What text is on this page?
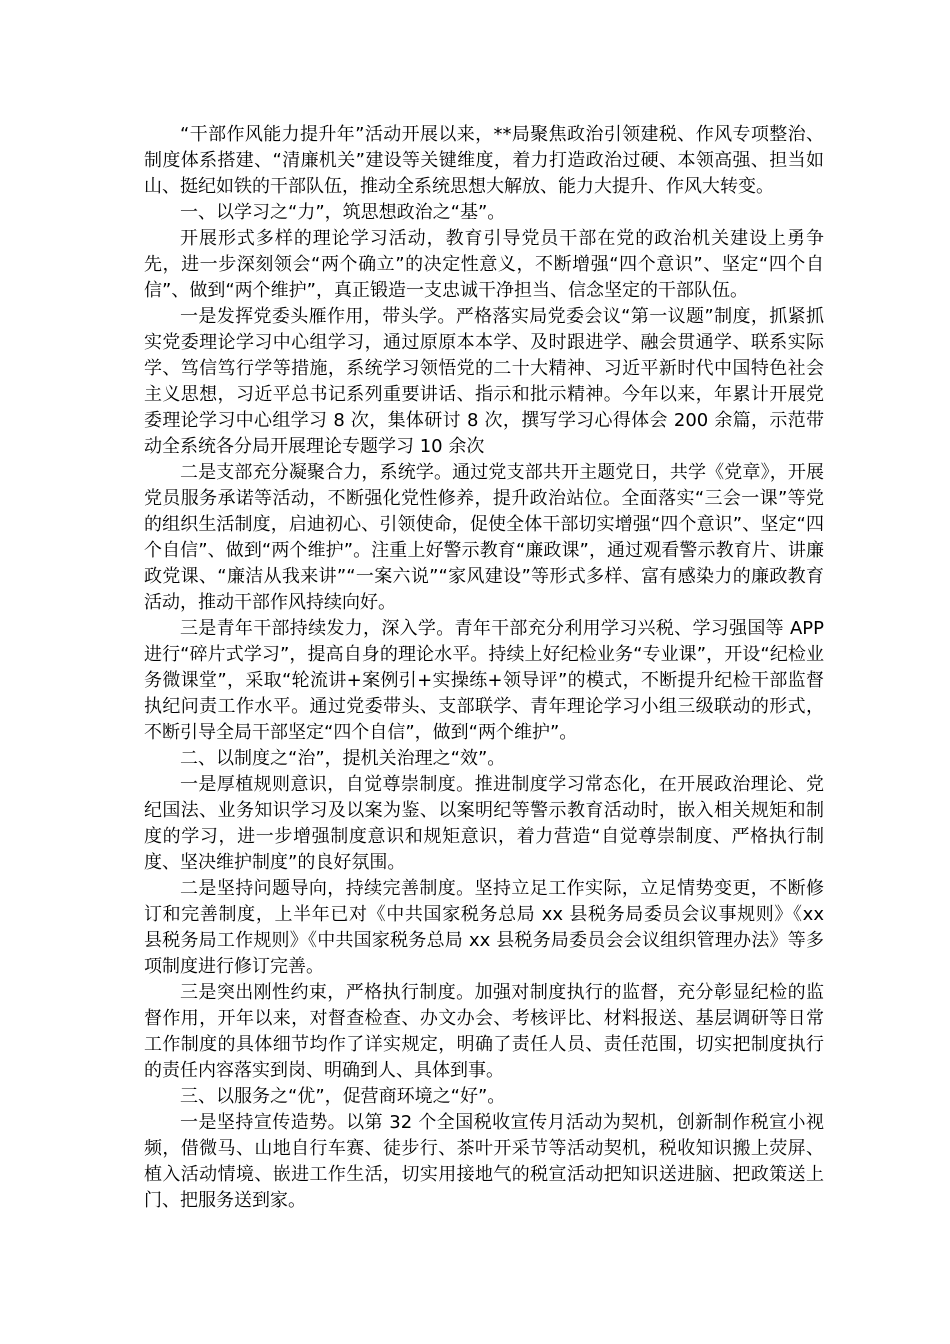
“干部作风能力提升年”活动开展以来，**局聚焦政治引领建税、作风专项整治、制度体系搭建、“清廉机关”建设等关键维度，着力打造政治过硬、本领高强、担当如山、挺纪如铁的干部队伍，推动全系统思想大解放、能力大提升、作风大转变。

一、以学习之“力”，筑思想政治之“基”。

开展形式多样的理论学习活动，教育引导党员干部在党的政治机关建设上勇争先，进一步深刻领会“两个确立”的决定性意义，不断增强“四个意识”、坚定“四个自信”、做到“两个维护”，真正锻造一支忠诚干净担当、信念坚定的干部队伍。

一是发挥党委头雁作用，带头学。严格落实局党委会议“第一议题”制度，抓紧抓实党委理论学习中心组学习，通过原原本本学、及时跟进学、融会贯通学、联系实际学、笃信笃行学等措施，系统学习领悟党的二十大精神、习近平新时代中国特色社会主义思想，习近平总书记系列重要讲话、指示和批示精神。今年以来，年累计开展党委理论学习中心组学习 8 次，集体研讨 8 次，撰写学习心得体会 200 余篇，示范带动全系统各分局开展理论专题学习 10 余次

二是支部充分凝聚合力，系统学。通过党支部共开主题党日，共学《党章》，开展党员服务承诺等活动，不断强化党性修养，提升政治站位。全面落实“三会一课”等党的组织生活制度，启迪初心、引领使命，促使全体干部切实增强“四个意识”、坚定“四个自信”、做到“两个维护”。注重上好警示教育“廉政课”，通过观看警示教育片、讲廉政党课、“廉洁从我来讲”“一案六说”“家风建设”等形式多样、富有感染力的廉政教育活动，推动干部作风持续向好。

三是青年干部持续发力，深入学。青年干部充分利用学习兴税、学习强国等 APP 进行“碎片式学习”，提高自身的理论水平。持续上好纪检业务“专业课”，开设“纪检业务微课堂”，采取“轮流讲+案例引+实操练+领导评”的模式，不断提升纪检干部监督执纪问责工作水平。通过党委带头、支部联学、青年理论学习小组三级联动的形式，不断引导全局干部坚定“四个自信”，做到“两个维护”。

二、以制度之“治”，提机关治理之“效”。

一是厚植规则意识，自觉尊崇制度。推进制度学习常态化，在开展政治理论、党纪国法、业务知识学习及以案为鉴、以案明纪等警示教育活动时，嵌入相关规矩和制度的学习，进一步增强制度意识和规矩意识，着力营造“自觉尊崇制度、严格执行制度、坚决维护制度”的良好氛围。

二是坚持问题导向，持续完善制度。坚持立足工作实际，立足情势变更，不断修订和完善制度，上半年已对《中共国家税务总局 xx 县税务局委员会议事规则》《xx 县税务局工作规则》《中共国家税务总局 xx 县税务局委员会会议组织管理办法》等多项制度进行修订完善。

三是突出刚性约束，严格执行制度。加强对制度执行的监督，充分彰显纪检的监督作用，开年以来，对督查检查、办文办会、考核评比、材料报送、基层调研等日常工作制度的具体细节均作了详实规定，明确了责任人员、责任范围，切实把制度执行的责任内容落实到岗、明确到人、具体到事。

三、以服务之“优”，促营商环境之“好”。

一是坚持宣传造势。以第 32 个全国税收宣传月活动为契机，创新制作税宣小视频，借微马、山地自行车赛、徒步行、茶叶开采节等活动契机，税收知识搬上荧屏、植入活动情境、嵌进工作生活，切实用接地气的税宣活动把知识送进脑、把政策送上门、把服务送到家。
